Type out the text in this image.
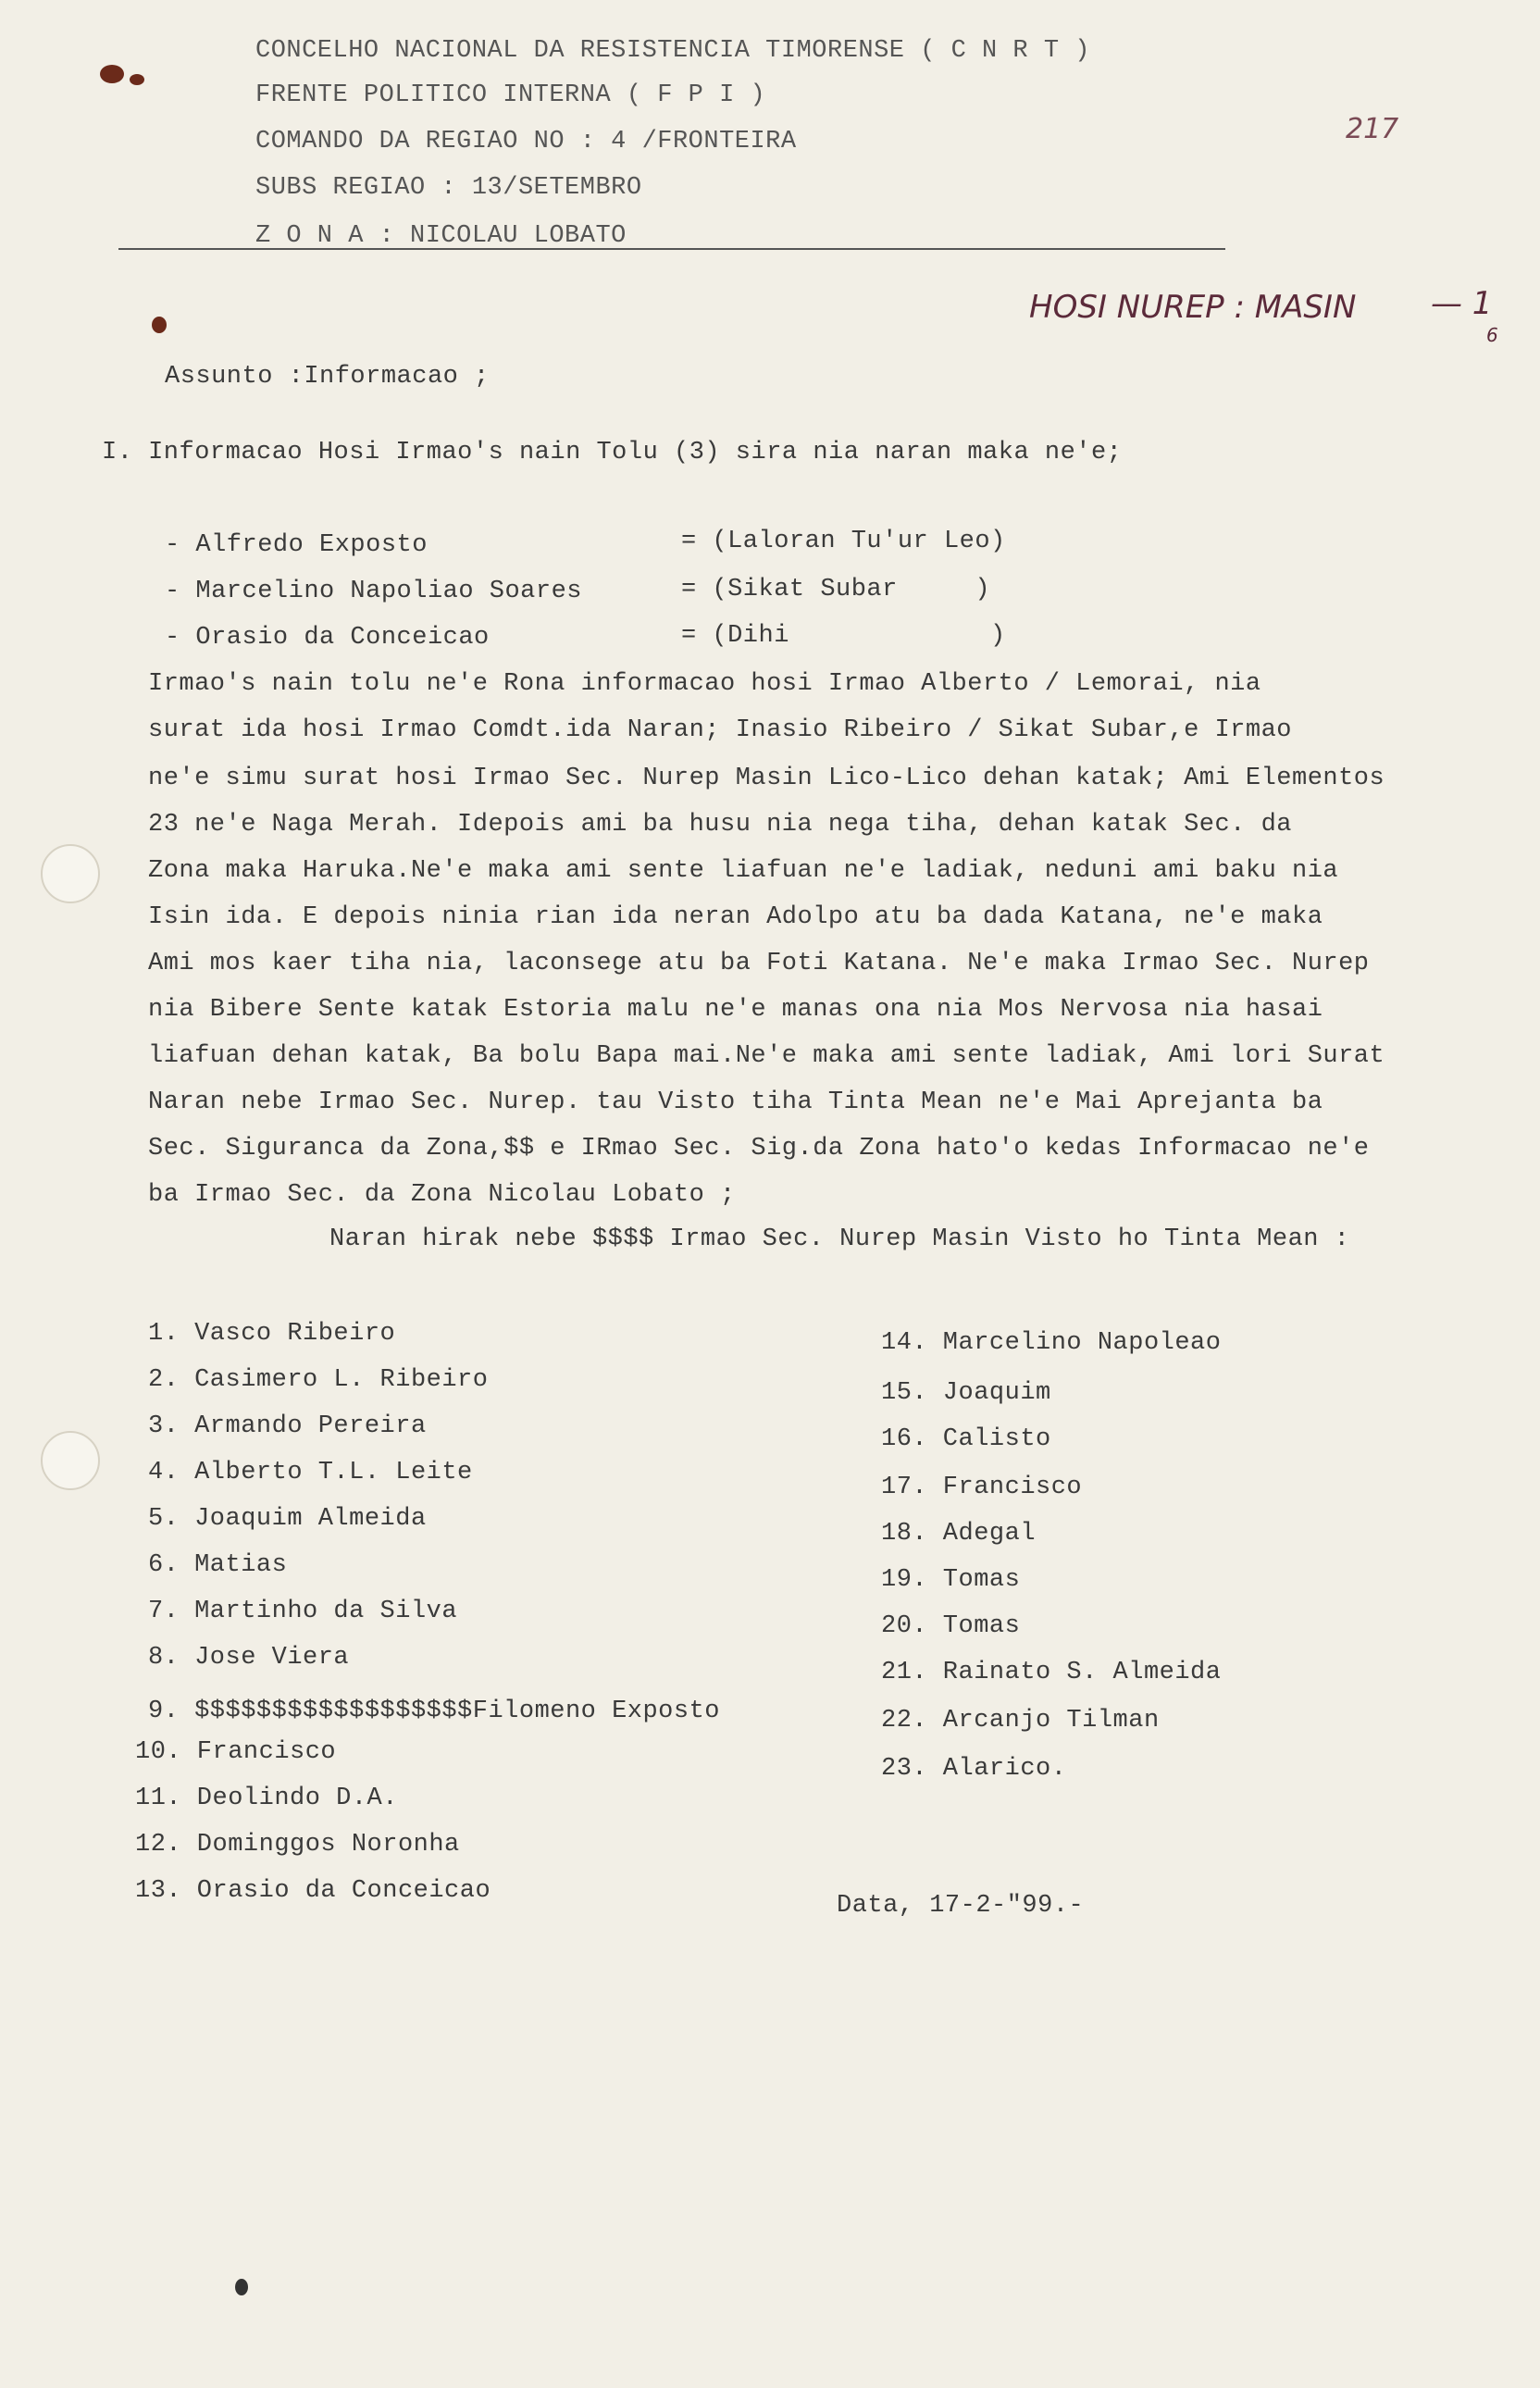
CONCELHO NACIONAL DA RESISTENCIA TIMORENSE ( C N R T )
FRENTE POLITICO INTERNA ( F P I )
COMANDO DA REGIAO NO : 4 /FRONTEIRA
SUBS REGIAO : 13/SETEMBRO
Z O N A : NICOLAU LOBATO
217
HOSI NUREP : MASIN — 1
6
Assunto :Informacao ;
I. Informacao Hosi Irmao's nain Tolu (3) sira nia naran maka ne'e;
- Alfredo Exposto	= (Laloran Tu'ur Leo)
- Marcelino Napoliao Soares	= (Sikat Subar     )
- Orasio da Conceicao	= (Dihi             )
Irmao's nain tolu ne'e Rona informacao hosi Irmao Alberto / Lemorai, nia
surat ida hosi Irmao Comdt.ida Naran; Inasio Ribeiro / Sikat Subar,e Irmao
ne'e simu surat hosi Irmao Sec. Nurep Masin Lico-Lico dehan katak; Ami Elementos
23 ne'e Naga Merah. Idepois ami ba husu nia nega tiha, dehan katak Sec. da
Zona maka Haruka.Ne'e maka ami sente liafuan ne'e ladiak, neduni ami baku nia
Isin ida. E depois ninia rian ida neran Adolpo atu ba dada Katana, ne'e maka
Ami mos kaer tiha nia, laconsege atu ba Foti Katana. Ne'e maka Irmao Sec. Nurep
nia Bibere Sente katak Estoria malu ne'e manas ona nia Mos Nervosa nia hasai
liafuan dehan katak, Ba bolu Bapa mai.Ne'e maka ami sente ladiak, Ami lori Surat
Naran nebe Irmao Sec. Nurep. tau Visto tiha Tinta Mean ne'e Mai Aprejanta ba
Sec. Siguranca da Zona,$$ e IRmao Sec. Sig.da Zona hato'o kedas Informacao ne'e
ba Irmao Sec. da Zona Nicolau Lobato ;
Naran hirak nebe $$$$ Irmao Sec. Nurep Masin Visto ho Tinta Mean :
1. Vasco Ribeiro
2. Casimero L. Ribeiro
3. Armando Pereira
4. Alberto T.L. Leite
5. Joaquim Almeida
6. Matias
7. Martinho da Silva
8. Jose Viera
9. $$$$$$$$$$$$$$$$$$Filomeno Exposto
10. Francisco
11. Deolindo D.A.
12. Dominggos Noronha
13. Orasio da Conceicao
14. Marcelino Napoleao
15. Joaquim
16. Calisto
17. Francisco
18. Adegal
19. Tomas
20. Tomas
21. Rainato S. Almeida
22. Arcanjo Tilman
23. Alarico.
Data, 17-2-"99.-
